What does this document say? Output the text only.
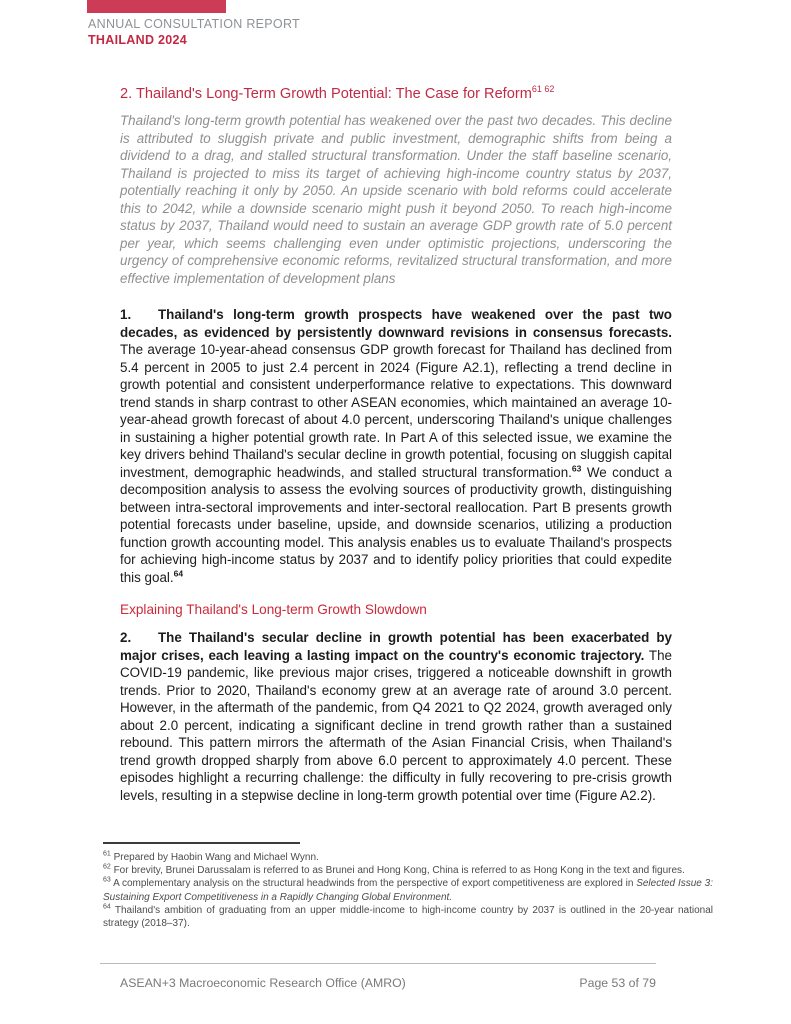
ANNUAL CONSULTATION REPORT
THAILAND 2024
2. Thailand's Long-Term Growth Potential: The Case for Reform$^{61 62}$

Thailand's long-term growth potential has weakened over the past two decades. This decline is attributed to sluggish private and public investment, demographic shifts from being a dividend to a drag, and stalled structural transformation. Under the staff baseline scenario, Thailand is projected to miss its target of achieving high-income country status by 2037, potentially reaching it only by 2050. An upside scenario with bold reforms could accelerate this to 2042, while a downside scenario might push it beyond 2050. To reach high-income status by 2037, Thailand would need to sustain an average GDP growth rate of 5.0 percent per year, which seems challenging even under optimistic projections, underscoring the urgency of comprehensive economic reforms, revitalized structural transformation, and more effective implementation of development plans

1. Thailand's long-term growth prospects have weakened over the past two decades, as evidenced by persistently downward revisions in consensus forecasts. The average 10-year-ahead consensus GDP growth forecast for Thailand has declined from 5.4 percent in 2005 to just 2.4 percent in 2024 (Figure A2.1), reflecting a trend decline in growth potential and consistent underperformance relative to expectations. This downward trend stands in sharp contrast to other ASEAN economies, which maintained an average 10-year-ahead growth forecast of about 4.0 percent, underscoring Thailand's unique challenges in sustaining a higher potential growth rate. In Part A of this selected issue, we examine the key drivers behind Thailand's secular decline in growth potential, focusing on sluggish capital investment, demographic headwinds, and stalled structural transformation.$^{63}$ We conduct a decomposition analysis to assess the evolving sources of productivity growth, distinguishing between intra-sectoral improvements and inter-sectoral reallocation. Part B presents growth potential forecasts under baseline, upside, and downside scenarios, utilizing a production function growth accounting model. This analysis enables us to evaluate Thailand's prospects for achieving high-income status by 2037 and to identify policy priorities that could expedite this goal.$^{64}$

Explaining Thailand's Long-term Growth Slowdown

2. The Thailand's secular decline in growth potential has been exacerbated by major crises, each leaving a lasting impact on the country's economic trajectory. The COVID-19 pandemic, like previous major crises, triggered a noticeable downshift in growth trends. Prior to 2020, Thailand's economy grew at an average rate of around 3.0 percent. However, in the aftermath of the pandemic, from Q4 2021 to Q2 2024, growth averaged only about 2.0 percent, indicating a significant decline in trend growth rather than a sustained rebound. This pattern mirrors the aftermath of the Asian Financial Crisis, when Thailand's trend growth dropped sharply from above 6.0 percent to approximately 4.0 percent. These episodes highlight a recurring challenge: the difficulty in fully recovering to pre-crisis growth levels, resulting in a stepwise decline in long-term growth potential over time (Figure A2.2).

$^{61}$ Prepared by Haobin Wang and Michael Wynn.

$^{62}$ For brevity, Brunei Darussalam is referred to as Brunei and Hong Kong, China is referred to as Hong Kong in the text and figures.

$^{63}$ A complementary analysis on the structural headwinds from the perspective of export competitiveness are explored in Selected Issue 3: Sustaining Export Competitiveness in a Rapidly Changing Global Environment.

$^{64}$ Thailand's ambition of graduating from an upper middle-income to high-income country by 2037 is outlined in the 20-year national strategy (2018–37).

ASEAN+3 Macroeconomic Research Office (AMRO)	Page 53 of 79
